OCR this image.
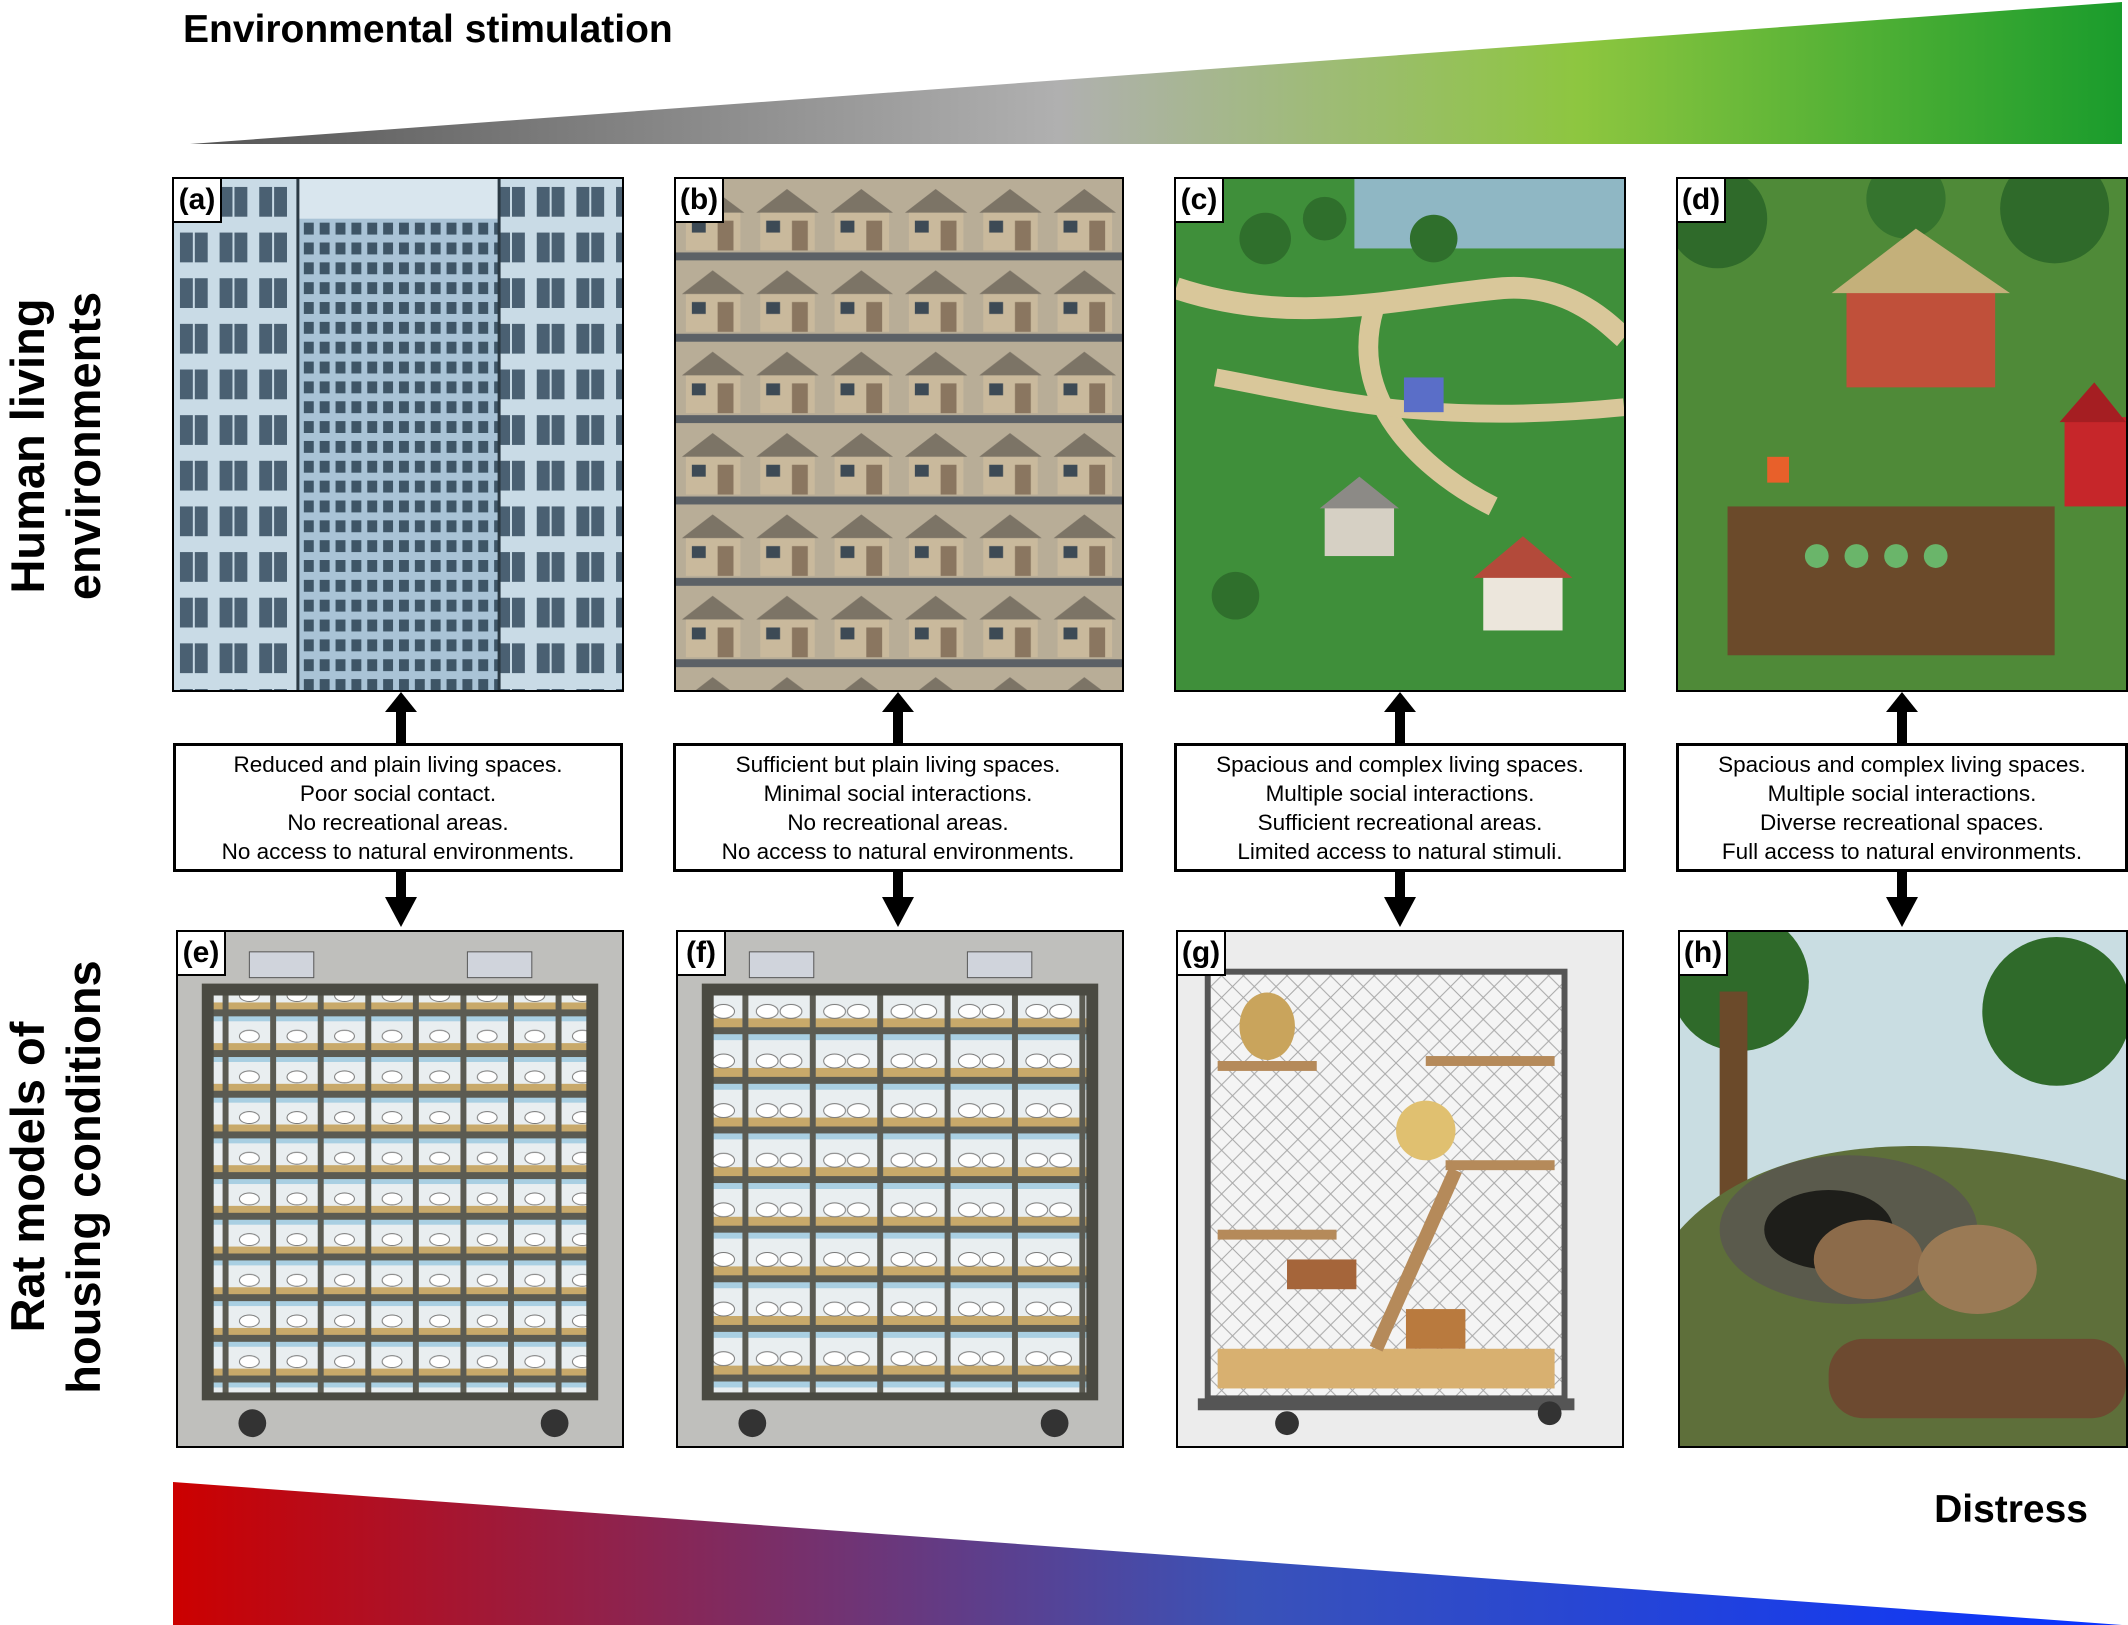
Environmental stimulation
Human living environments
Rat models of housing conditions
(a)	(b)	(c)	(d)
Reduced and plain living spaces.
Poor social contact.
No recreational areas.
No access to natural environments.
Sufficient but plain living spaces.
Minimal social interactions.
No recreational areas.
No access to natural environments.
Spacious and complex living spaces.
Multiple social interactions.
Sufficient recreational areas.
Limited access to natural stimuli.
Spacious and complex living spaces.
Multiple social interactions.
Diverse recreational spaces.
Full access to natural environments.
(e)	(f)	(g)	(h)
Distress
